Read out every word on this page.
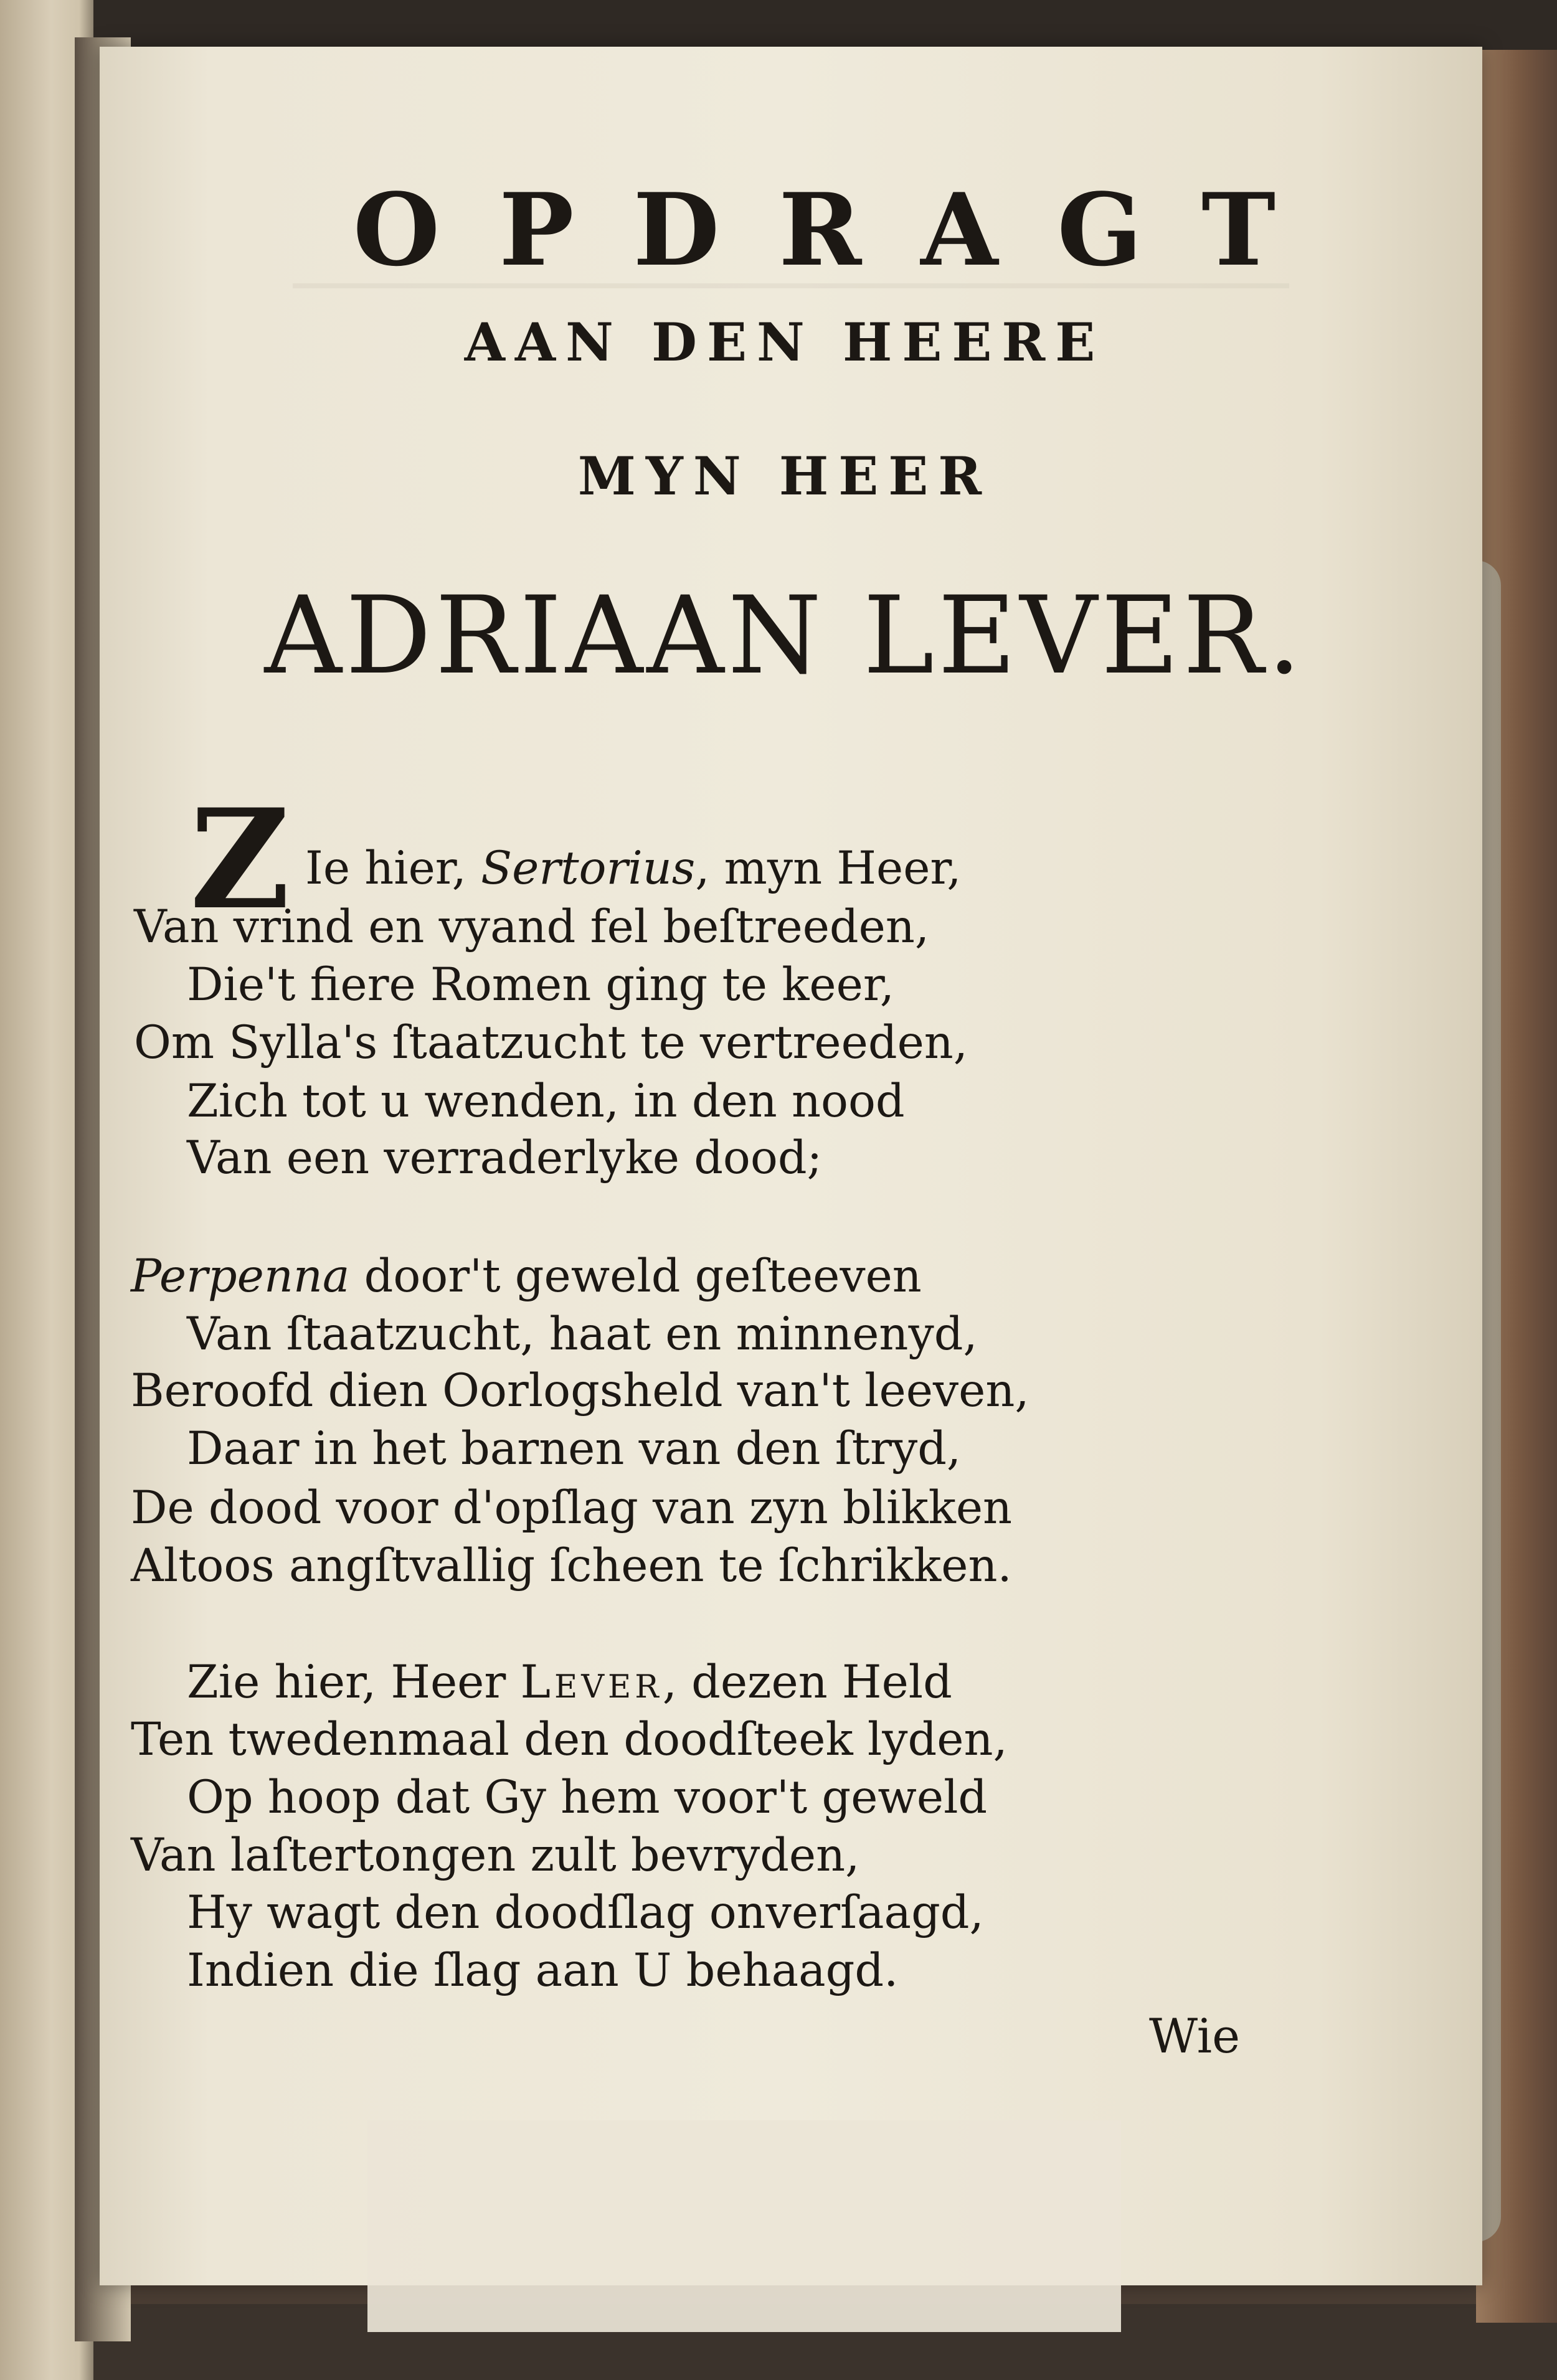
OPDRAGT

AAN DEN HEERE

MYN HEER

ADRIAAN LEVER.

Z Ie hier, Sertorius, myn Heer,

Van vrind en vyand fel beſtreeden,

Die't fiere Romen ging te keer,

Om Sylla's ſtaatzucht te vertreeden,

Zich tot u wenden, in den nood

Van een verraderlyke dood;

Perpenna door't geweld geſteeven

Van ſtaatzucht, haat en minnenyd,

Beroofd dien Oorlogsheld van't leeven,

Daar in het barnen van den ſtryd,

De dood voor d'opſlag van zyn blikken

Altoos angſtvallig ſcheen te ſchrikken.

Zie hier, Heer Lever, dezen Held

Ten twedenmaal den doodſteek lyden,

Op hoop dat Gy hem voor't geweld

Van laſtertongen zult bevryden,

Hy wagt den doodſlag onverſaagd,

Indien die ſlag aan U behaagd.

Wie
